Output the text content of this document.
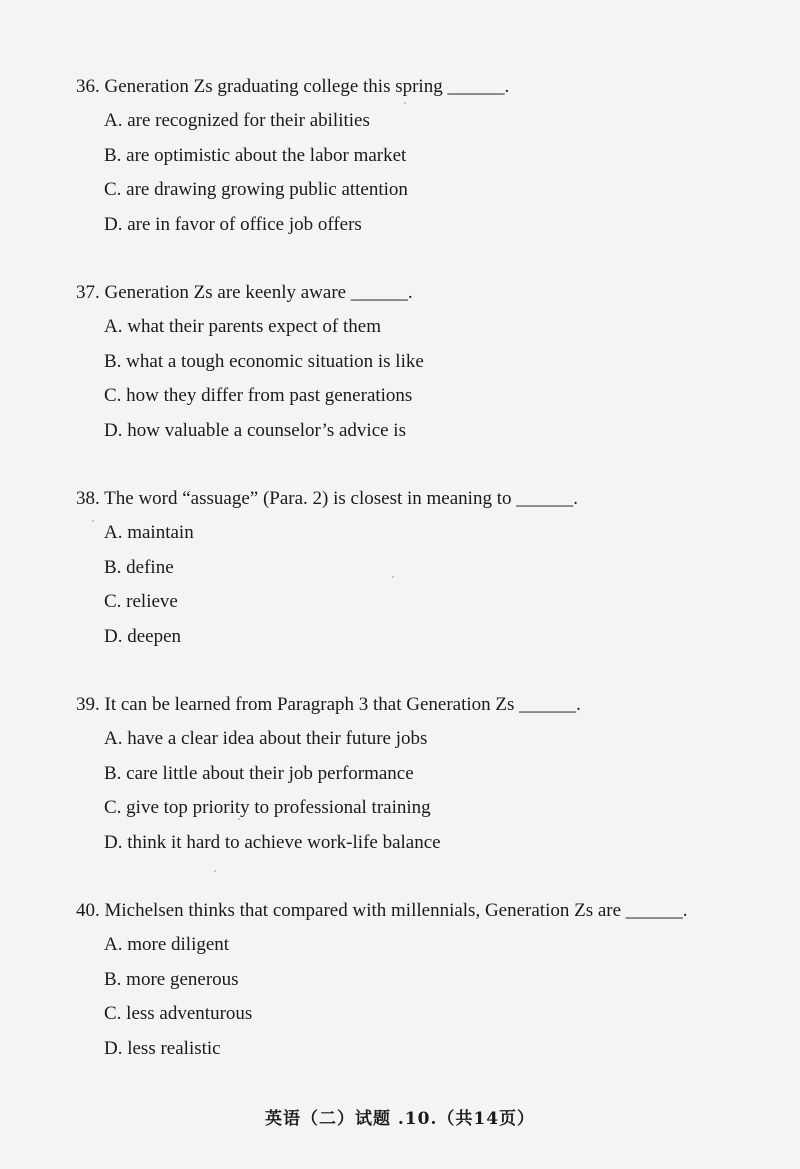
36. Generation Zs graduating college this spring ______.
A. are recognized for their abilities
B. are optimistic about the labor market
C. are drawing growing public attention
D. are in favor of office job offers
37. Generation Zs are keenly aware ______.
A. what their parents expect of them
B. what a tough economic situation is like
C. how they differ from past generations
D. how valuable a counselor’s advice is
38. The word “assuage” (Para. 2) is closest in meaning to ______.
A. maintain
B. define
C. relieve
D. deepen
39. It can be learned from Paragraph 3 that Generation Zs ______.
A. have a clear idea about their future jobs
B. care little about their job performance
C. give top priority to professional training
D. think it hard to achieve work-life balance
40. Michelsen thinks that compared with millennials, Generation Zs are ______.
A. more diligent
B. more generous
C. less adventurous
D. less realistic
英语（二）试题 .10.（共14页）
